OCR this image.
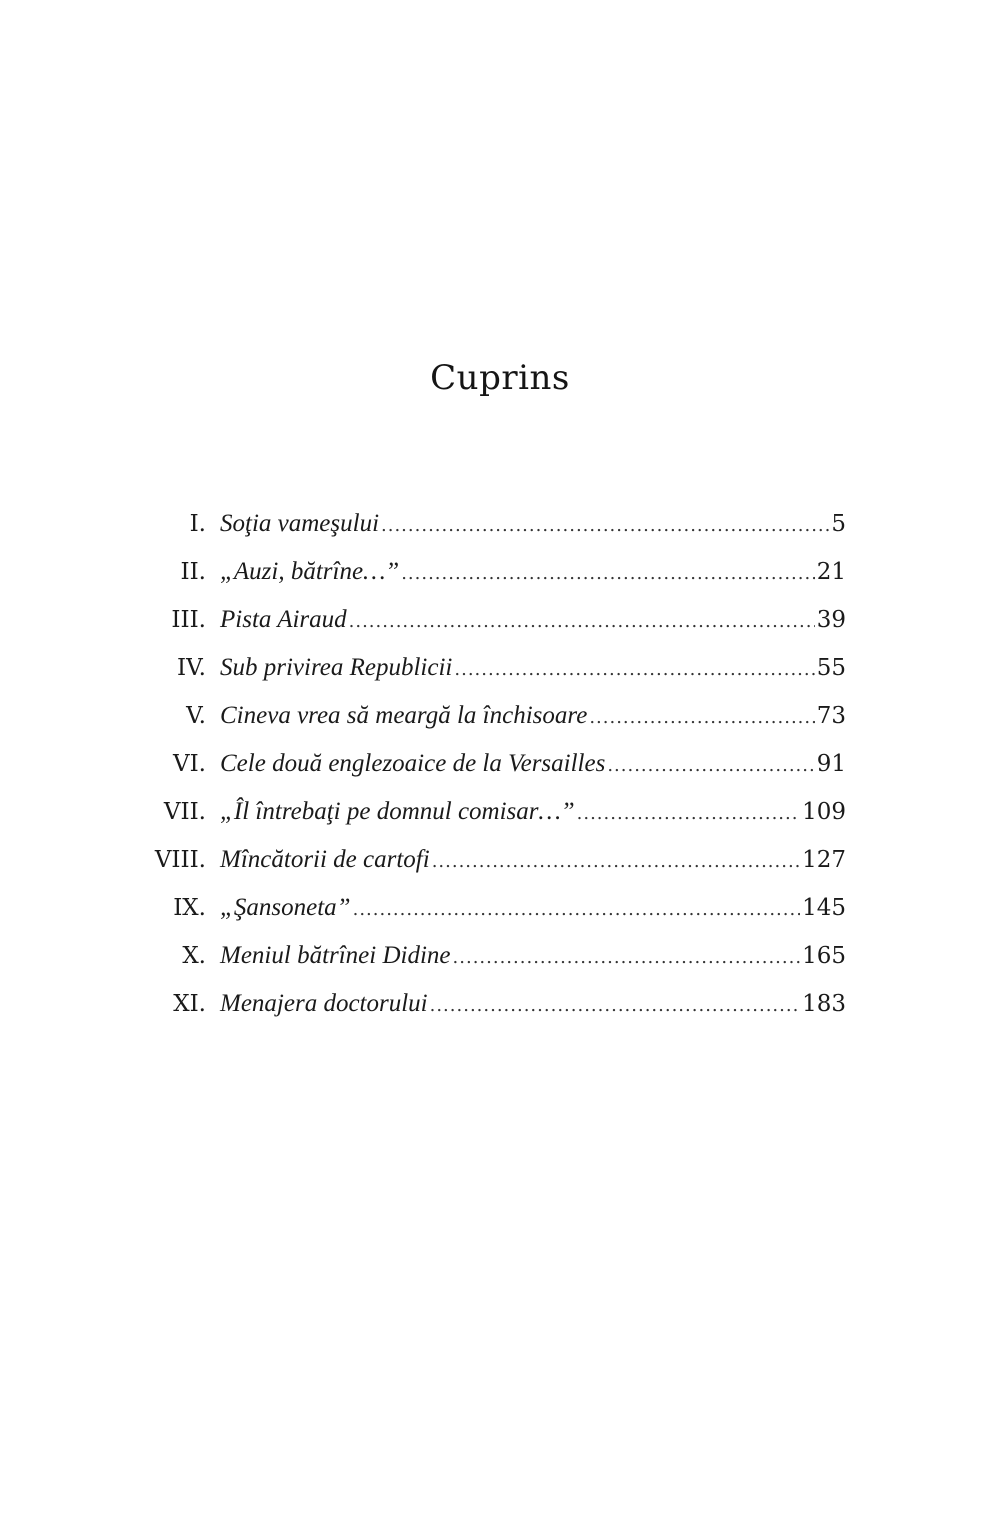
Cuprins
I. Soţia vameşului .....	5
II. „Auzi, bătrîne…” .....	21
III. Pista Airaud .....	39
IV. Sub privirea Republicii .....	55
V. Cineva vrea să meargă la închisoare .....	73
VI. Cele două englezoaice de la Versailles .....	91
VII. „Îl întrebaţi pe domnul comisar…” .....	109
VIII. Mîncătorii de cartofi .....	127
IX. „Şansoneta” .....	145
X. Meniul bătrînei Didine .....	165
XI. Menajera doctorului .....	183
